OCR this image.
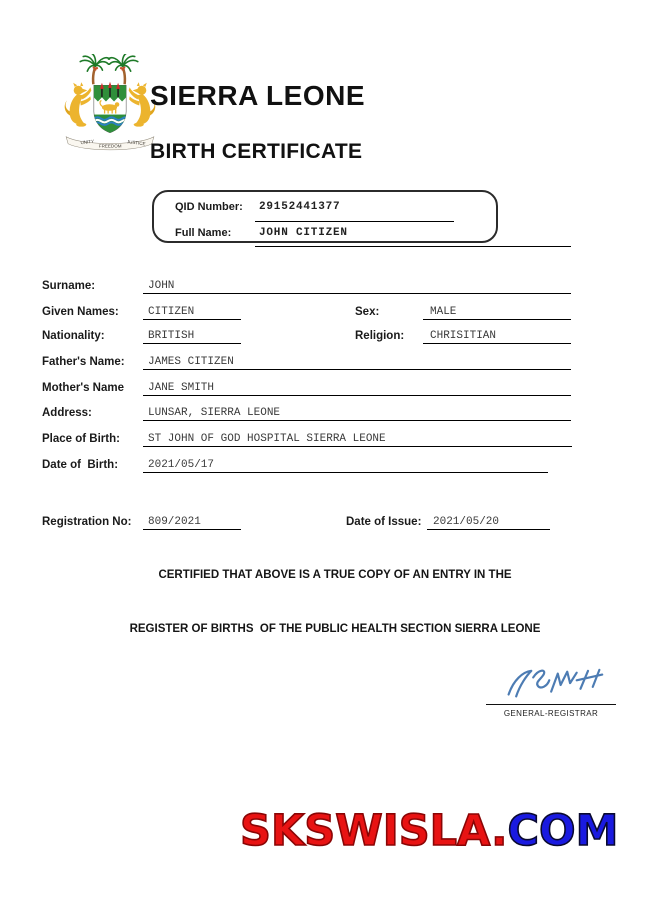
UNITY
FREEDOM JUSTICE
SIERRA LEONE
BIRTH CERTIFICATE
QID Number: 29152441377
Full Name:	JOHN CITIZEN
Surname:	JOHN
Given Names:	CITIZEN	Sex:	MALE
Nationality:	BRITISH	Religion:	CHRISITIAN
Father's Name:	JAMES CITIZEN
Mother's Name	JANE SMITH
Address:	LUNSAR, SIERRA LEONE
Place of Birth:	ST JOHN OF GOD HOSPITAL SIERRA LEONE
Date of  Birth:	2021/05/17
Registration No:	809/2021	Date of Issue:	2021/05/20
CERTIFIED THAT ABOVE IS A TRUE COPY OF AN ENTRY IN THE
REGISTER OF BIRTHS  OF THE PUBLIC HEALTH SECTION SIERRA LEONE
GENERAL-REGISTRAR
SKSWISLA.COM
